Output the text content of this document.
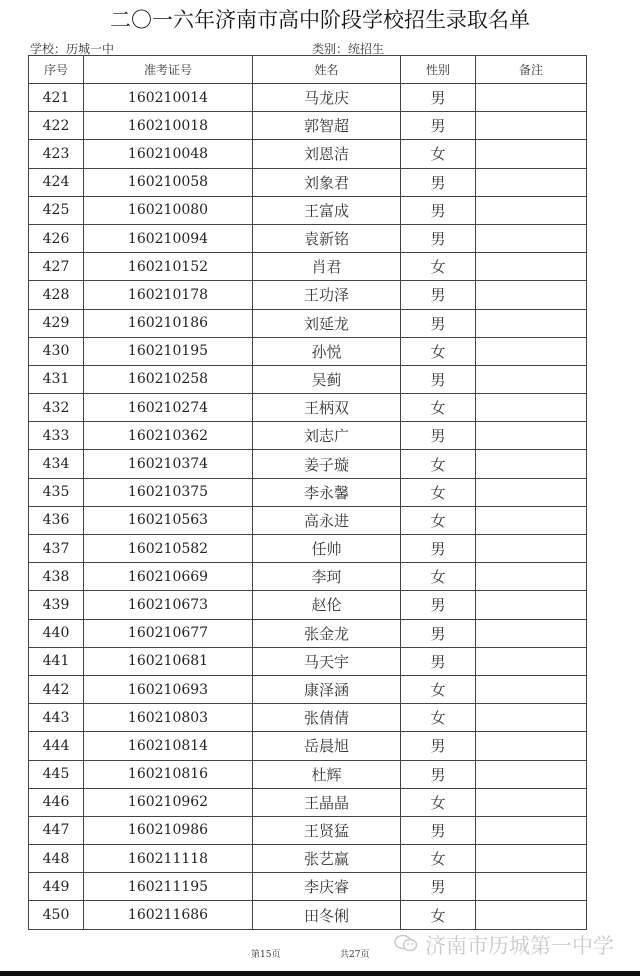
二〇一六年济南市高中阶段学校招生录取名单
学校：历城一中	类别：统招生
序号	准考证号	姓名	性别	备注
421	160210014	马龙庆	男	
422	160210018	郭智超	男	
423	160210048	刘恩洁	女	
424	160210058	刘象君	男	
425	160210080	王富成	男	
426	160210094	袁新铭	男	
427	160210152	肖君	女	
428	160210178	王功泽	男	
429	160210186	刘延龙	男	
430	160210195	孙悦	女	
431	160210258	吴蓟	男	
432	160210274	王柄双	女	
433	160210362	刘志广	男	
434	160210374	姜子璇	女	
435	160210375	李永馨	女	
436	160210563	高永进	女	
437	160210582	任帅	男	
438	160210669	李珂	女	
439	160210673	赵伦	男	
440	160210677	张金龙	男	
441	160210681	马天宇	男	
442	160210693	康泽涵	女	
443	160210803	张倩倩	女	
444	160210814	岳晨旭	男	
445	160210816	杜辉	男	
446	160210962	王晶晶	女	
447	160210986	王贤猛	男	
448	160211118	张艺赢	女	
449	160211195	李庆睿	男	
450	160211686	田冬俐	女	
第15页	共27页	济南市历城第一中学
